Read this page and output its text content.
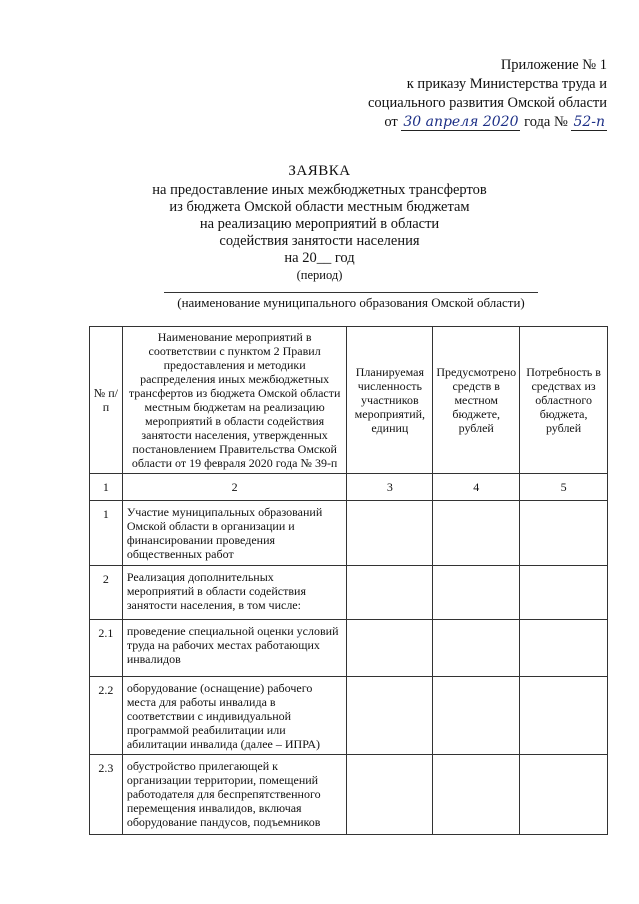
Приложение № 1
к приказу Министерства труда и
социального развития Омской области
от 30 апреля 2020 года № 52-п
ЗАЯВКА
на предоставление иных межбюджетных трансфертов
из бюджета Омской области местным бюджетам
на реализацию мероприятий в области
содействия занятости населения
на 20__ год
(период)
(наименование муниципального образования Омской области)
№ п/п	Наименование мероприятий в соответствии с пунктом 2 Правил предоставления и методики распределения иных межбюджетных трансфертов из бюджета Омской области местным бюджетам на реализацию мероприятий в области содействия занятости населения, утвержденных постановлением Правительства Омской области от 19 февраля 2020 года № 39-п	Планируемая численность участников мероприятий, единиц	Предусмотрено средств в местном бюджете, рублей	Потребность в средствах из областного бюджета, рублей
1	2	3	4	5
1	Участие муниципальных образований Омской области в организации и финансировании проведения общественных работ			
2	Реализация дополнительных мероприятий в области содействия занятости населения, в том числе:			
2.1	проведение специальной оценки условий труда на рабочих местах работающих инвалидов			
2.2	оборудование (оснащение) рабочего места для работы инвалида в соответствии с индивидуальной программой реабилитации или абилитации инвалида (далее – ИПРА)			
2.3	обустройство прилегающей к организации территории, помещений работодателя для беспрепятственного перемещения инвалидов, включая оборудование пандусов, подъемников			
